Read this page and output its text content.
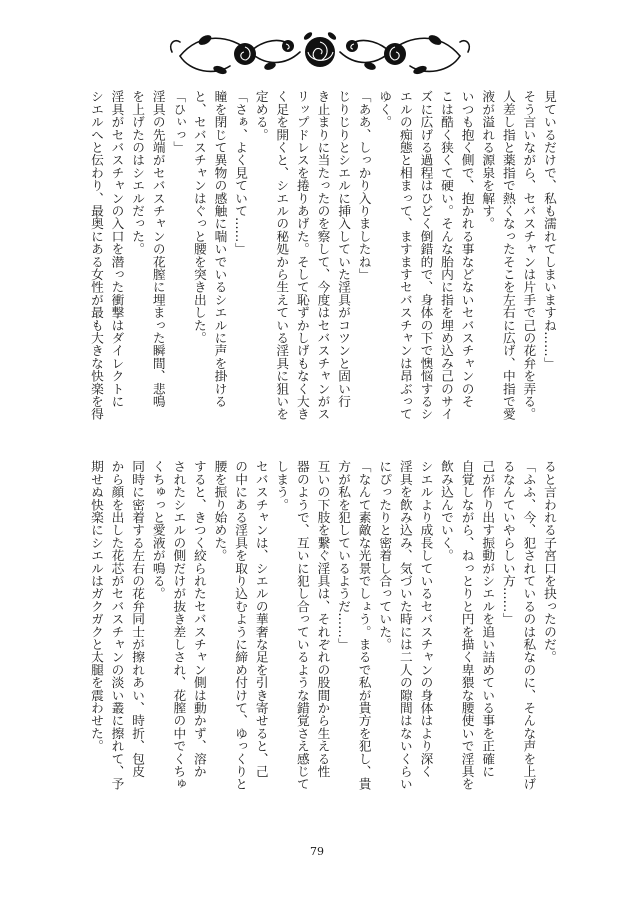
見ているだけで、私も濡れてしまいますね……」
そう言いながら、セバスチャンは片手で己の花弁を弄る。
人差し指と薬指で熱くなったそこを左右に広げ、中指で愛
液が溢れる源泉を解す。
いつも抱く側で、抱かれる事などないセバスチャンのそ
こは酷く狭くて硬い。そんな胎内に指を埋め込み己のサイ
ズに広げる過程はひどく倒錯的で、身体の下で懊悩するシ
エルの痴態と相まって、ますますセバスチャンは昂ぶって
ゆく。
「ああ、しっかり入りましたね」
じりじりとシエルに挿入していた淫具がコツンと固い行
き止まりに当たったのを察して、今度はセバスチャンがス
リップドレスを捲りあげた。そして恥ずかしげもなく大き
く足を開くと、シエルの秘処から生えている淫具に狙いを
定める。
「さぁ、よく見ていて……」
瞳を閉じて異物の感触に喘いでいるシエルに声を掛ける
と、セバスチャンはぐっと腰を突き出した。
「ひぃっ」
淫具の先端がセバスチャンの花膣に埋まった瞬間、悲鳴
を上げたのはシエルだった。
淫具がセバスチャンの入口を潜った衝撃はダイレクトに
シエルへと伝わり、最奥にある女性が最も大きな快楽を得
ると言われる子宮口を抉ったのだ。
「ふふ、今、犯されているのは私なのに、そんな声を上げ
るなんていやらしい方……」
己が作り出す振動がシエルを追い詰めている事を正確に
自覚しながら、ねっとりと円を描く卑猥な腰使いで淫具を
飲み込んでいく。
シエルより成長しているセバスチャンの身体はより深く
淫具を飲み込み、気づいた時には二人の隙間はないくらい
にぴったりと密着し合っていた。
「なんて素敵な光景でしょう。まるで私が貴方を犯し、貴
方が私を犯しているようだ……」
互いの下肢を繋ぐ淫具は、それぞれの股間から生える性
器のようで、互いに犯し合っているような錯覚さえ感じて
しまう。
セバスチャンは、シエルの華奢な足を引き寄せると、己
の中にある淫具を取り込むように締め付けて、ゆっくりと
腰を振り始めた。
すると、きつく絞られたセバスチャン側は動かず、溶か
されたシエルの側だけが抜き差しされ、花膣の中でくちゅ
くちゅっと愛液が鳴る。
同時に密着する左右の花弁同士が擦れあい、時折、包皮
から顔を出した花芯がセバスチャンの淡い叢に擦れて、予
期せぬ快楽にシエルはガクガクと太腿を震わせた。
79
